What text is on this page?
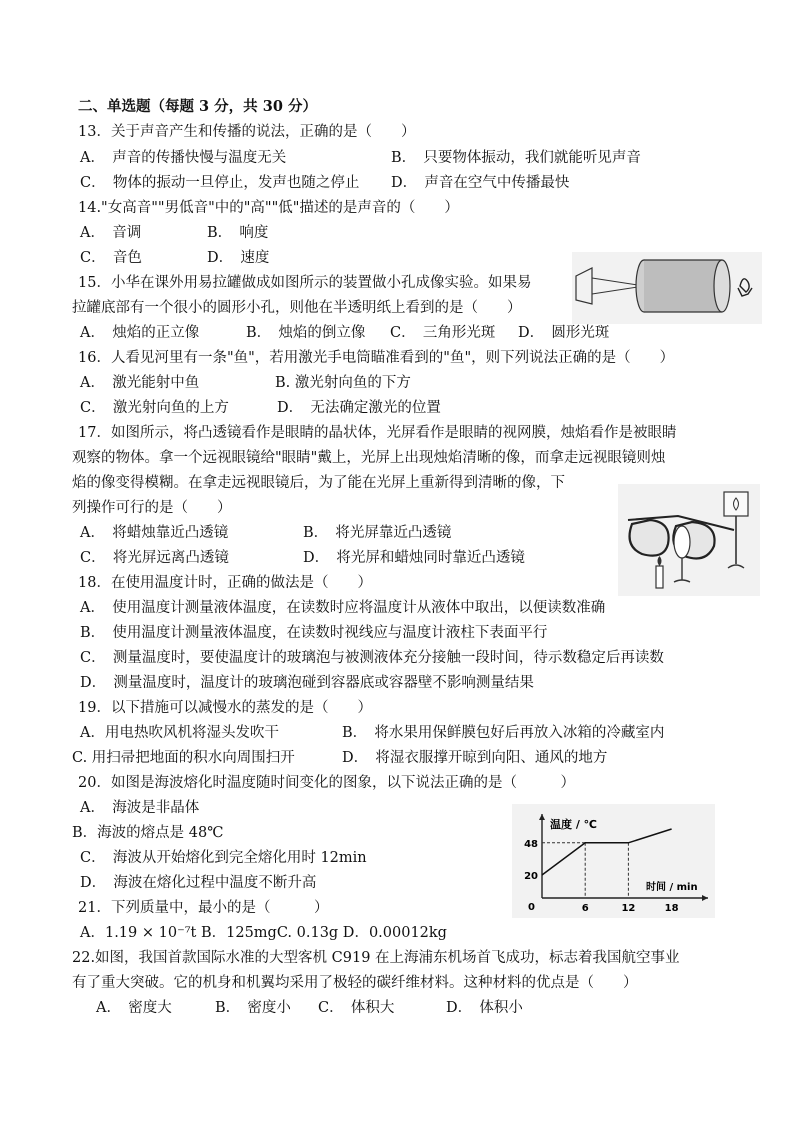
二、单选题（每题 3 分，共 30 分）
13．关于声音产生和传播的说法，正确的是（　　）
A．　声音的传播快慢与温度无关	B．　只要物体振动，我们就能听见声音
C．　物体的振动一旦停止，发声也随之停止 D．　声音在空气中传播最快
14."女高音""男低音"中的"高""低"描述的是声音的（　　）
A．　音调	B．　响度
C．　音色	D．　速度
15．小华在课外用易拉罐做成如图所示的装置做小孔成像实验。如果易
拉罐底部有一个很小的圆形小孔，则他在半透明纸上看到的是（　　）
A．　烛焰的正立像	B．　烛焰的倒立像 C．　三角形光斑 D．　圆形光斑
16．人看见河里有一条"鱼"，若用激光手电筒瞄准看到的"鱼"，则下列说法正确的是（　　）
A．　激光能射中鱼	B. 激光射向鱼的下方
C．　激光射向鱼的上方	D．　无法确定激光的位置
17．如图所示，将凸透镜看作是眼睛的晶状体，光屏看作是眼睛的视网膜，烛焰看作是被眼睛
观察的物体。拿一个远视眼镜给"眼睛"戴上，光屏上出现烛焰清晰的像，而拿走远视眼镜则烛
焰的像变得模糊。在拿走远视眼镜后，为了能在光屏上重新得到清晰的像，下
列操作可行的是（　　）
A．　将蜡烛靠近凸透镜	B．　将光屏靠近凸透镜
C．　将光屏远离凸透镜	D．　将光屏和蜡烛同时靠近凸透镜
18．在使用温度计时，正确的做法是（　　）
A．　使用温度计测量液体温度，在读数时应将温度计从液体中取出，以便读数准确
B．　使用温度计测量液体温度，在读数时视线应与温度计液柱下表面平行
C．　测量温度时，要使温度计的玻璃泡与被测液体充分接触一段时间，待示数稳定后再读数
D．　测量温度时，温度计的玻璃泡碰到容器底或容器壁不影响测量结果
19．以下措施可以减慢水的蒸发的是（　　）
A．用电热吹风机将湿头发吹干	B．　将水果用保鲜膜包好后再放入冰箱的冷藏室内
C. 用扫帚把地面的积水向周围扫开	D．　将湿衣服撑开晾到向阳、通风的地方
20．如图是海波熔化时温度随时间变化的图象，以下说法正确的是（　　　）
A．　海波是非晶体
B．海波的熔点是 48℃
C．　海波从开始熔化到完全熔化用时 12min
D．　海波在熔化过程中温度不断升高
温度 / ℃
时间 / min
0	6	12	18
20
48
21．下列质量中，最小的是（　　　）
A．1.19 × 10⁻⁷t B．125mgC. 0.13g D．0.00012kg
22.如图，我国首款国际水准的大型客机 C919 在上海浦东机场首飞成功，标志着我国航空事业
有了重大突破。它的机身和机翼均采用了极轻的碳纤维材料。这种材料的优点是（　　）
A．　密度大	B．　密度小 C．　体积大	D．　体积小
